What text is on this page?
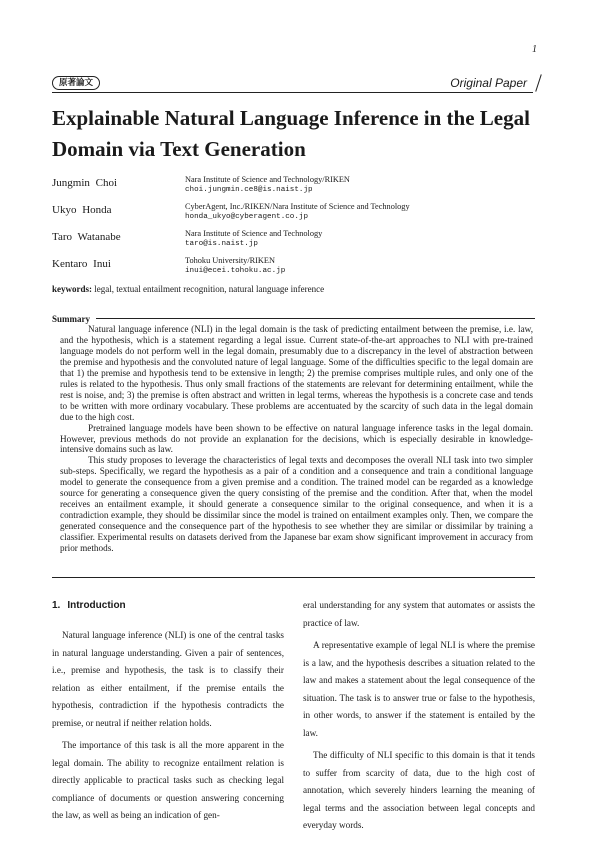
1
原著論文	Original Paper
Explainable Natural Language Inference in the Legal Domain via Text Generation
Jungmin Choi	Nara Institute of Science and Technology/RIKEN
choi.jungmin.ce8@is.naist.jp
Ukyo Honda	CyberAgent, Inc./RIKEN/Nara Institute of Science and Technology
honda_ukyo@cyberagent.co.jp
Taro Watanabe	Nara Institute of Science and Technology
taro@is.naist.jp
Kentaro Inui	Tohoku University/RIKEN
inui@ecei.tohoku.ac.jp
keywords: legal, textual entailment recognition, natural language inference
Summary

Natural language inference (NLI) in the legal domain is the task of predicting entailment between the premise, i.e. law, and the hypothesis, which is a statement regarding a legal issue. Current state-of-the-art approaches to NLI with pre-trained language models do not perform well in the legal domain, presumably due to a discrepancy in the level of abstraction between the premise and hypothesis and the convoluted nature of legal language. Some of the difficulties specific to the legal domain are that 1) the premise and hypothesis tend to be extensive in length; 2) the premise comprises multiple rules, and only one of the rules is related to the hypothesis. Thus only small fractions of the statements are relevant for determining entailment, while the rest is noise, and; 3) the premise is often abstract and written in legal terms, whereas the hypothesis is a concrete case and tends to be written with more ordinary vocabulary. These problems are accentuated by the scarcity of such data in the legal domain due to the high cost.

Pretrained language models have been shown to be effective on natural language inference tasks in the legal domain. However, previous methods do not provide an explanation for the decisions, which is especially desirable in knowledge-intensive domains such as law.

This study proposes to leverage the characteristics of legal texts and decomposes the overall NLI task into two simpler sub-steps. Specifically, we regard the hypothesis as a pair of a condition and a consequence and train a conditional language model to generate the consequence from a given premise and a condition. The trained model can be regarded as a knowledge source for generating a consequence given the query consisting of the premise and the condition. After that, when the model receives an entailment example, it should generate a consequence similar to the original consequence, and when it is a contradiction example, they should be dissimilar since the model is trained on entailment examples only. Then, we compare the generated consequence and the consequence part of the hypothesis to see whether they are similar or dissimilar by training a classifier. Experimental results on datasets derived from the Japanese bar exam show significant improvement in accuracy from prior methods.

1. Introduction

Natural language inference (NLI) is one of the central tasks in natural language understanding. Given a pair of sentences, i.e., premise and hypothesis, the task is to classify their relation as either entailment, if the premise entails the hypothesis, contradiction if the hypothesis contradicts the premise, or neutral if neither relation holds.

The importance of this task is all the more apparent in the legal domain. The ability to recognize entailment relation is directly applicable to practical tasks such as checking legal compliance of documents or question answering concerning the law, as well as being an indication of gen-

eral understanding for any system that automates or assists the practice of law.

A representative example of legal NLI is where the premise is a law, and the hypothesis describes a situation related to the law and makes a statement about the legal consequence of the situation. The task is to answer true or false to the hypothesis, in other words, to answer if the statement is entailed by the law.

The difficulty of NLI specific to this domain is that it tends to suffer from scarcity of data, due to the high cost of annotation, which severely hinders learning the meaning of legal terms and the association between legal concepts and everyday words.
